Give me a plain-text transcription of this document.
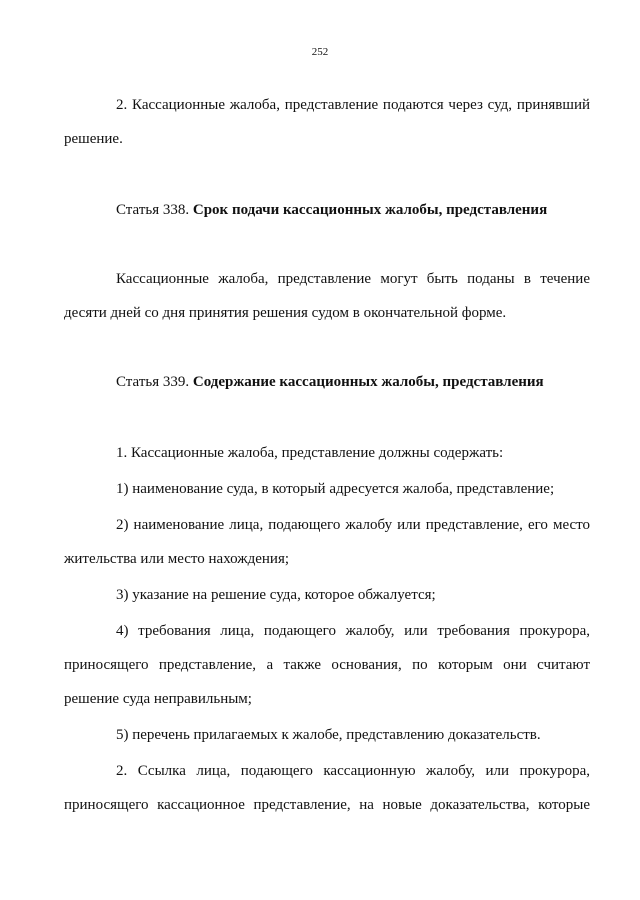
252

2. Кассационные жалоба, представление подаются через суд, принявший решение.

Статья 338. Срок подачи кассационных жалобы, представления

Кассационные жалоба, представление могут быть поданы в течение десяти дней со дня принятия решения судом в окончательной форме.

Статья 339. Содержание кассационных жалобы, представления

1. Кассационные жалоба, представление должны содержать:

1) наименование суда, в который адресуется жалоба, представление;

2) наименование лица, подающего жалобу или представление, его место жительства или место нахождения;

3) указание на решение суда, которое обжалуется;

4) требования лица, подающего жалобу, или требования прокурора, приносящего представление, а также основания, по которым они считают решение суда неправильным;

5) перечень прилагаемых к жалобе, представлению доказательств.

2. Ссылка лица, подающего кассационную жалобу, или прокурора, приносящего кассационное представление, на новые доказательства, которые
